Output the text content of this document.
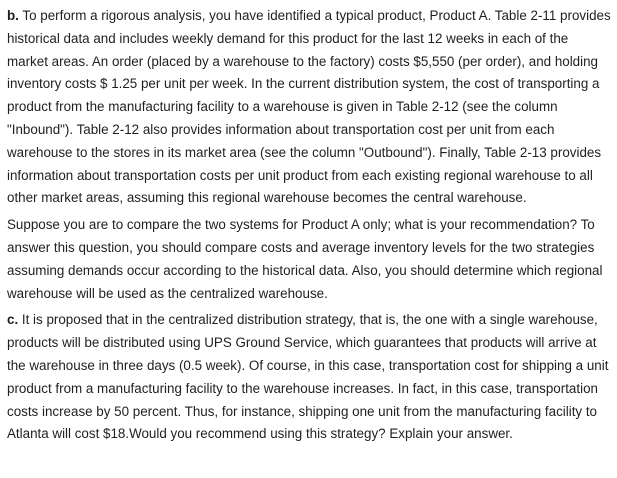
b. To perform a rigorous analysis, you have identified a typical product, Product A. Table 2-11 provides historical data and includes weekly demand for this product for the last 12 weeks in each of the market areas. An order (placed by a warehouse to the factory) costs $5,550 (per order), and holding inventory costs $ 1.25 per unit per week. In the current distribution system, the cost of transporting a product from the manufacturing facility to a warehouse is given in Table 2-12 (see the column "Inbound"). Table 2-12 also provides information about transportation cost per unit from each warehouse to the stores in its market area (see the column "Outbound"). Finally, Table 2-13 provides information about transportation costs per unit product from each existing regional warehouse to all other market areas, assuming this regional warehouse becomes the central warehouse.

Suppose you are to compare the two systems for Product A only; what is your recommendation? To answer this question, you should compare costs and average inventory levels for the two strategies assuming demands occur according to the historical data. Also, you should determine which regional warehouse will be used as the centralized warehouse.

c. It is proposed that in the centralized distribution strategy, that is, the one with a single warehouse, products will be distributed using UPS Ground Service, which guarantees that products will arrive at the warehouse in three days (0.5 week). Of course, in this case, transportation cost for shipping a unit product from a manufacturing facility to the warehouse increases. In fact, in this case, transportation costs increase by 50 percent. Thus, for instance, shipping one unit from the manufacturing facility to Atlanta will cost $18.Would you recommend using this strategy? Explain your answer.
